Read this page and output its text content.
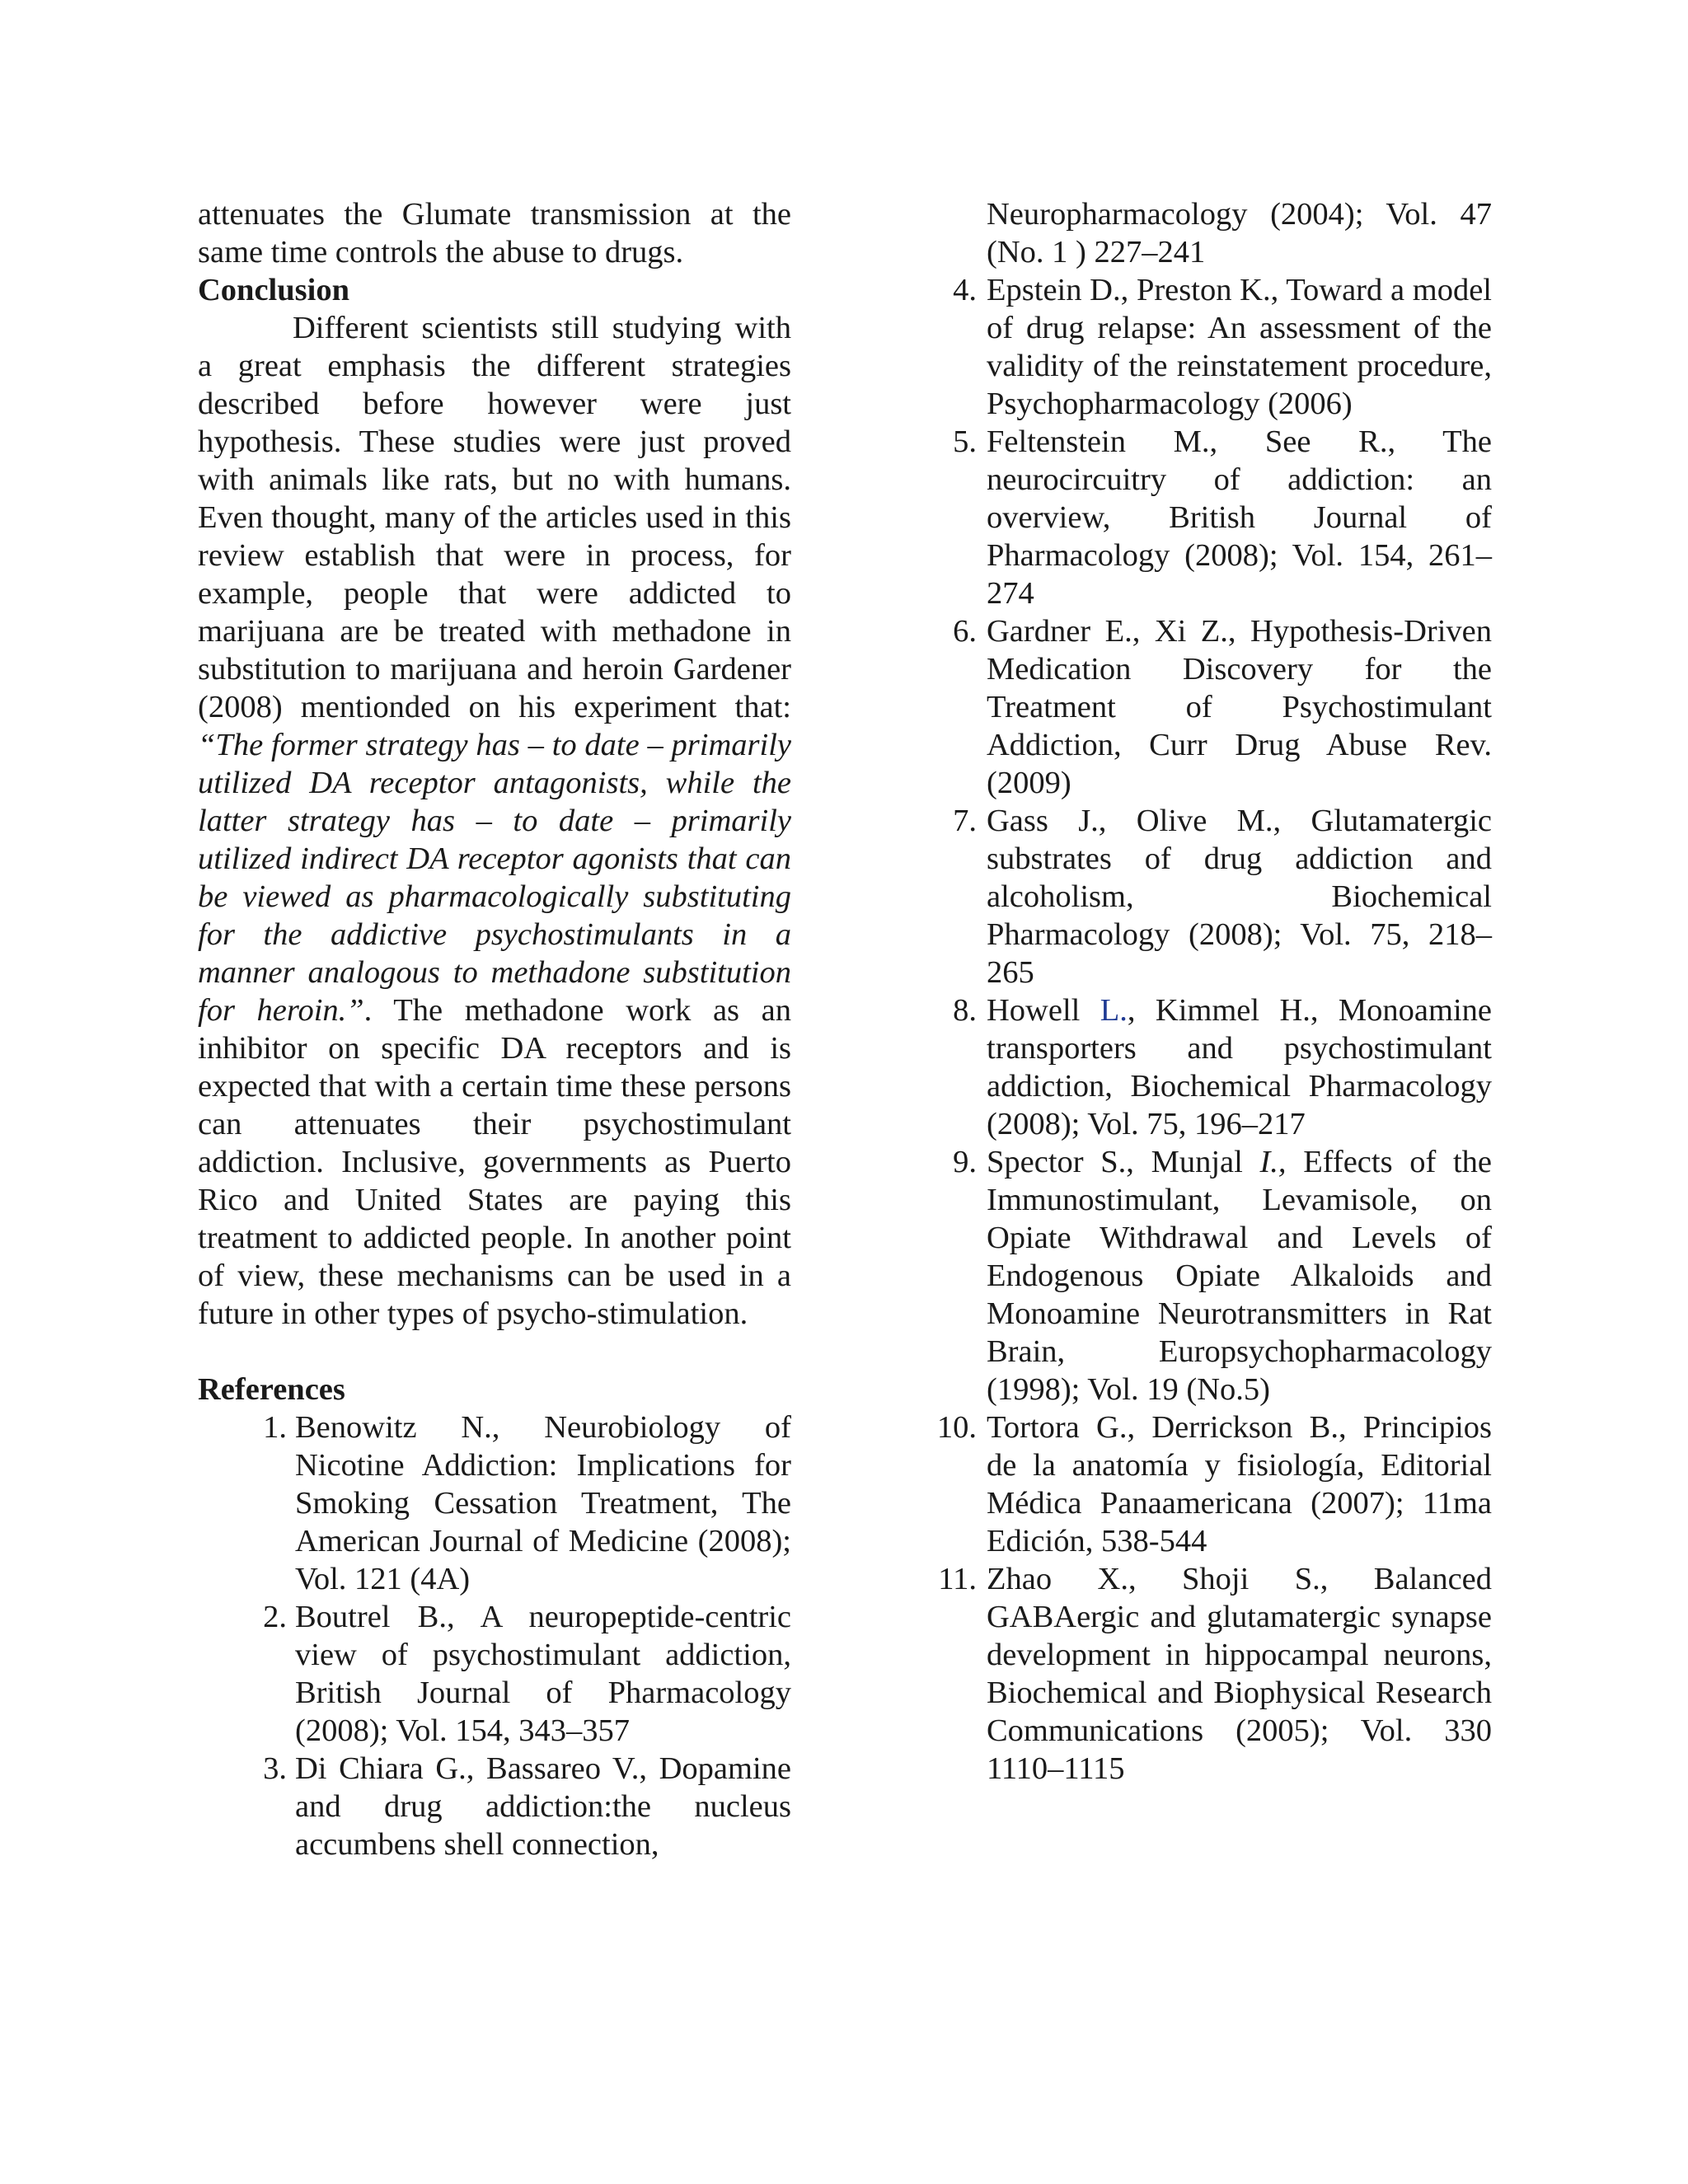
attenuates the Glumate transmission at the same time controls the abuse to drugs.

Conclusion

Different scientists still studying with a great emphasis the different strategies described before however were just hypothesis. These studies were just proved with animals like rats, but no with humans. Even thought, many of the articles used in this review establish that were in process, for example, people that were addicted to marijuana are be treated with methadone in substitution to marijuana and heroin Gardener (2008) mentionded on his experiment that: “The former strategy has – to date – primarily utilized DA receptor antagonists, while the latter strategy has – to date – primarily utilized indirect DA receptor agonists that can be viewed as pharmacologically substituting for the addictive psychostimulants in a manner analogous to methadone substitution for heroin.”. The methadone work as an inhibitor on specific DA receptors and is expected that with a certain time these persons can attenuates their psychostimulant addiction. Inclusive, governments as Puerto Rico and United States are paying this treatment to addicted people. In another point of view, these mechanisms can be used in a future in other types of psycho-stimulation.

References

1. Benowitz N., Neurobiology of Nicotine Addiction: Implications for Smoking Cessation Treatment, The American Journal of Medicine (2008); Vol. 121 (4A)
2. Boutrel B., A neuropeptide-centric view of psychostimulant addiction, British Journal of Pharmacology (2008); Vol. 154, 343–357
3. Di Chiara G., Bassareo V., Dopamine and drug addiction:the nucleus accumbens shell connection,

Neuropharmacology (2004); Vol. 47 (No. 1 ) 227–241

4. Epstein D., Preston K., Toward a model of drug relapse: An assessment of the validity of the reinstatement procedure, Psychopharmacology (2006)
5. Feltenstein M., See R., The neurocircuitry of addiction: an overview, British Journal of Pharmacology (2008); Vol. 154, 261–274
6. Gardner E., Xi Z., Hypothesis-Driven Medication Discovery for the Treatment of Psychostimulant Addiction, Curr Drug Abuse Rev. (2009)
7. Gass J., Olive M., Glutamatergic substrates of drug addiction and alcoholism, Biochemical Pharmacology (2008); Vol. 75, 218–265
8. Howell L., Kimmel H., Monoamine transporters and psychostimulant addiction, Biochemical Pharmacology (2008); Vol. 75, 196–217
9. Spector S., Munjal I., Effects of the Immunostimulant, Levamisole, on Opiate Withdrawal and Levels of Endogenous Opiate Alkaloids and Monoamine Neurotransmitters in Rat Brain, Europsychopharmacology (1998); Vol. 19 (No.5)
10. Tortora G., Derrickson B., Principios de la anatomía y fisiología, Editorial Médica Panaamericana (2007); 11ma Edición, 538-544
11. Zhao X., Shoji S., Balanced GABAergic and glutamatergic synapse development in hippocampal neurons, Biochemical and Biophysical Research Communications (2005); Vol. 330 1110–1115
